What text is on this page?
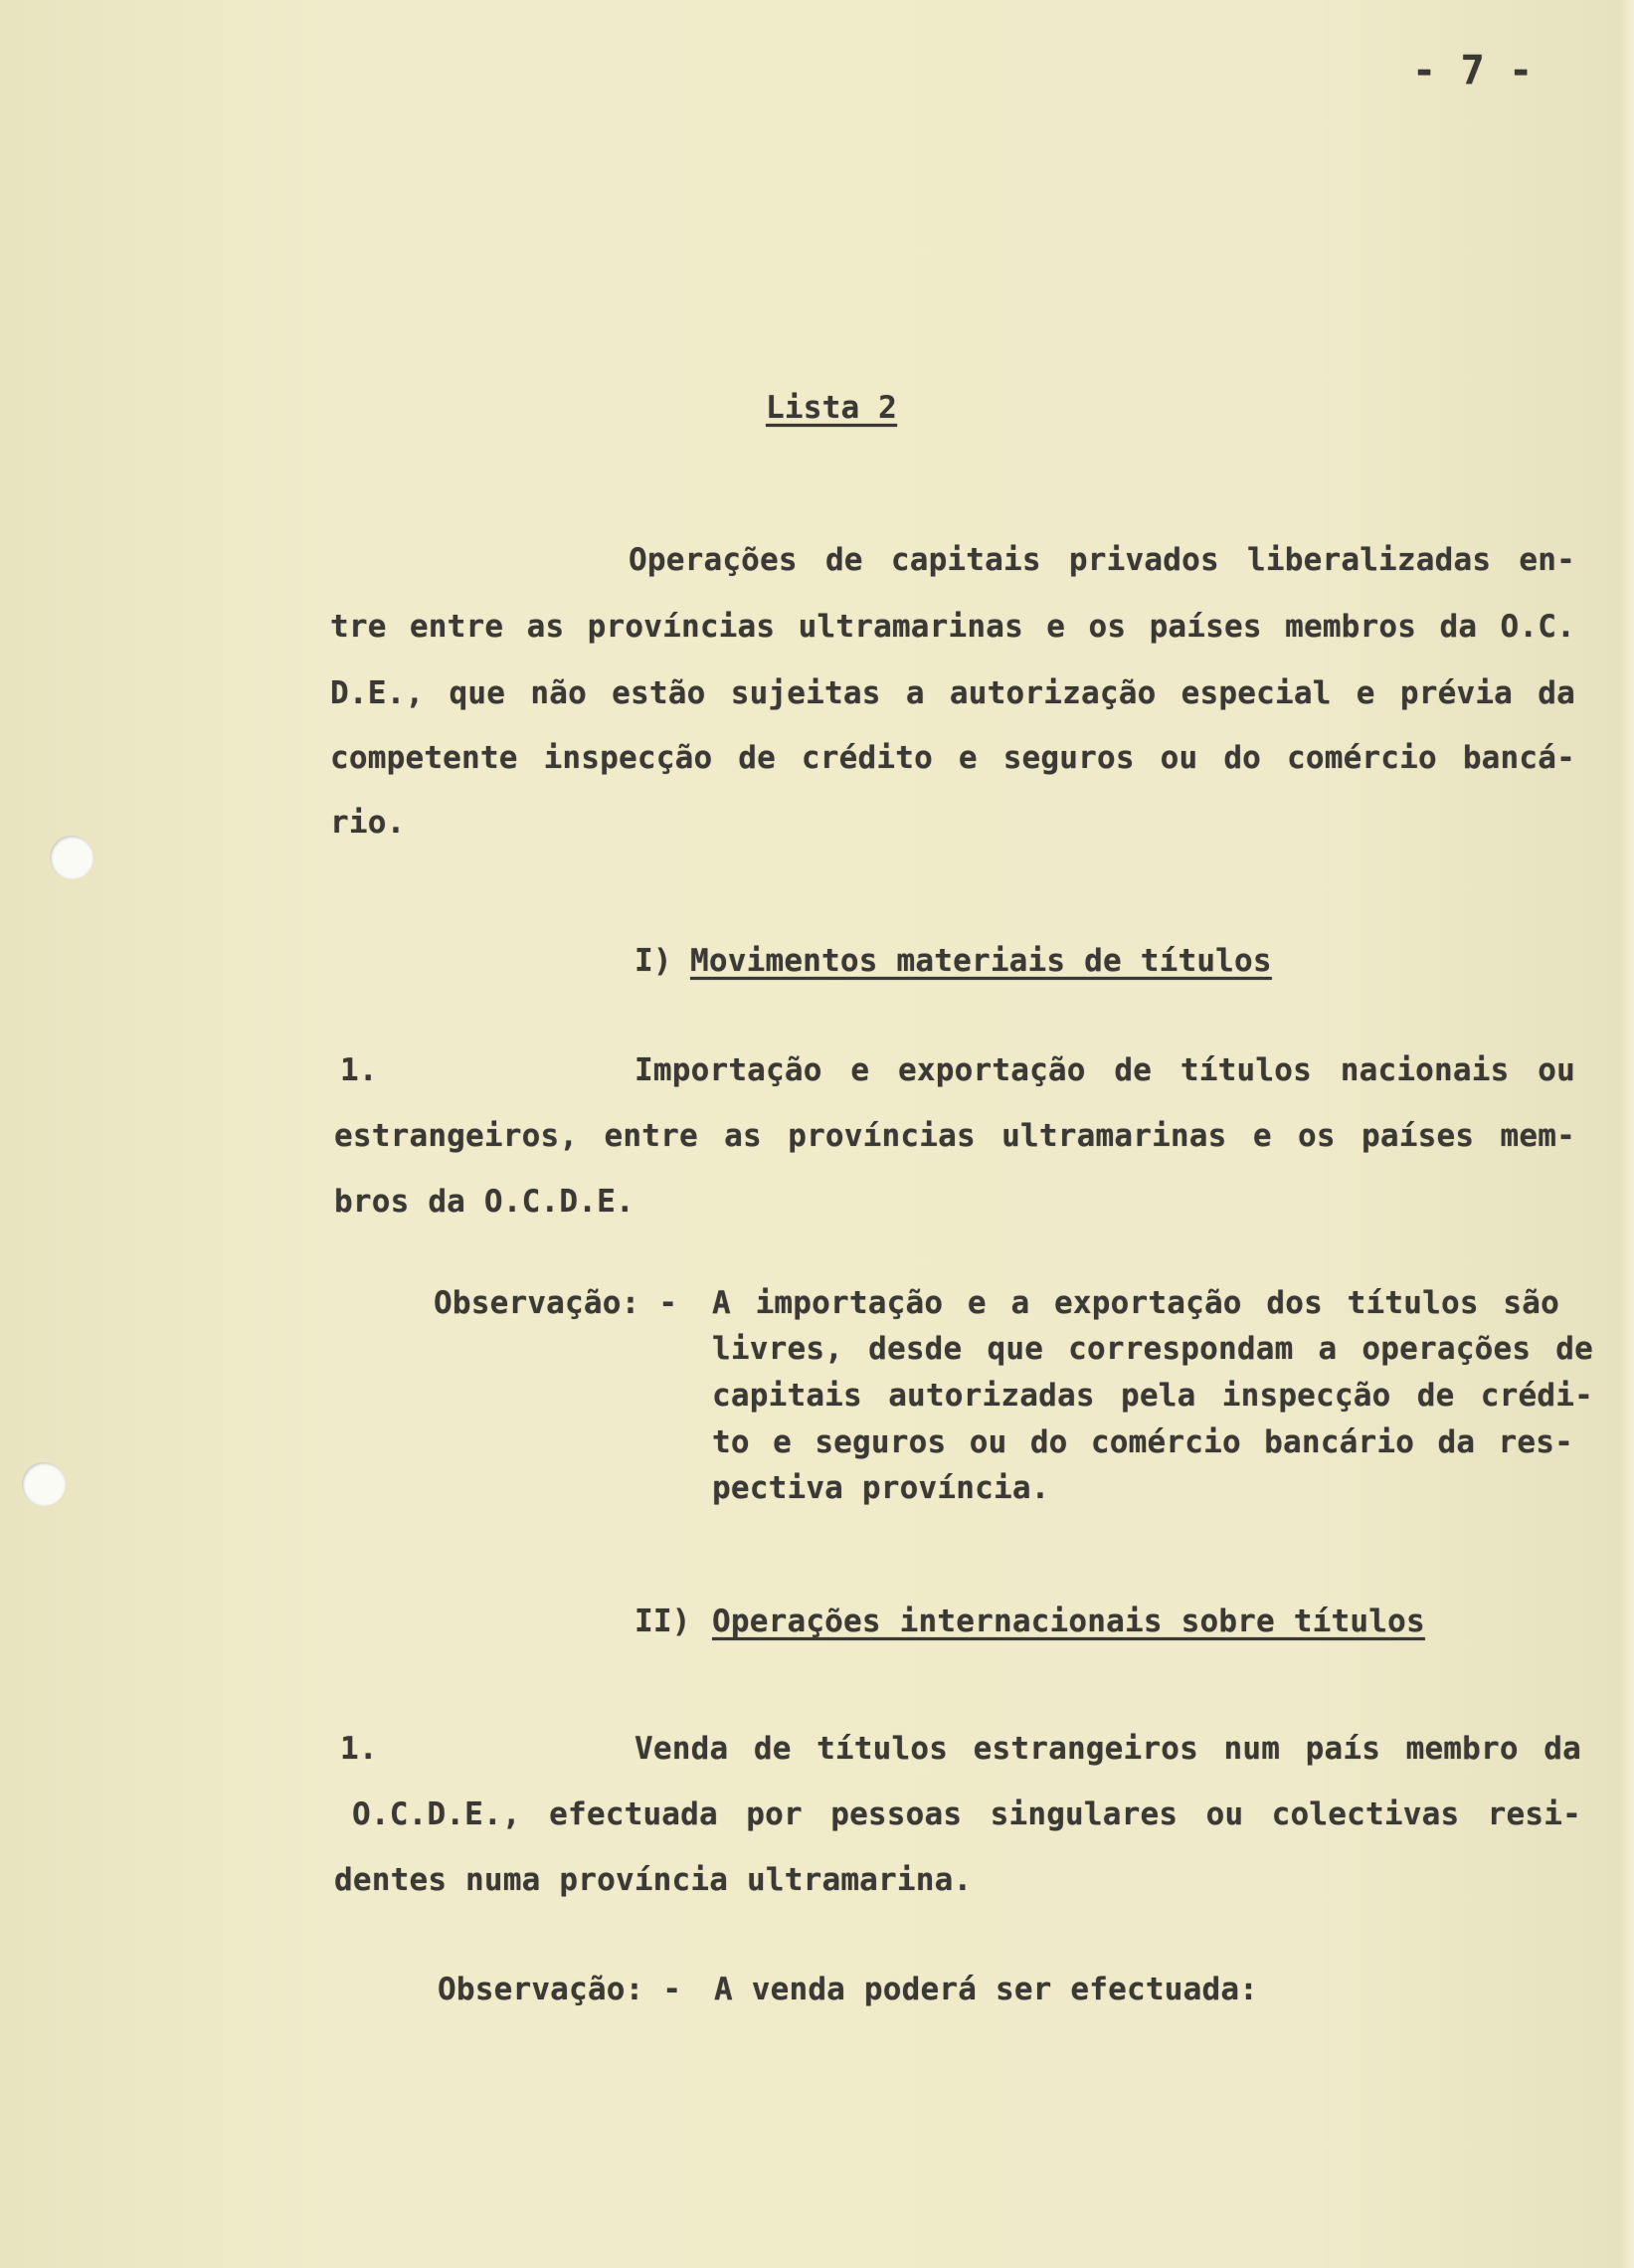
- 7 -
Lista 2
Operações de capitais privados liberalizadas en-
tre entre as províncias ultramarinas e os países membros da O.C.
D.E., que não estão sujeitas a autorização especial e prévia da
competente inspecção de crédito e seguros ou do comércio bancá-
rio.
I) Movimentos materiais de títulos
1.	Importação e exportação de títulos nacionais ou
estrangeiros, entre as províncias ultramarinas e os países mem-
bros da O.C.D.E.
Observação: - A importação e a exportação dos títulos são
livres, desde que correspondam a operações de
capitais autorizadas pela inspecção de crédi-
to e seguros ou do comércio bancário da res-
pectiva província.
II) Operações internacionais sobre títulos
1.	Venda de títulos estrangeiros num país membro da
O.C.D.E., efectuada por pessoas singulares ou colectivas resi-
dentes numa província ultramarina.
Observação: - A venda poderá ser efectuada:
